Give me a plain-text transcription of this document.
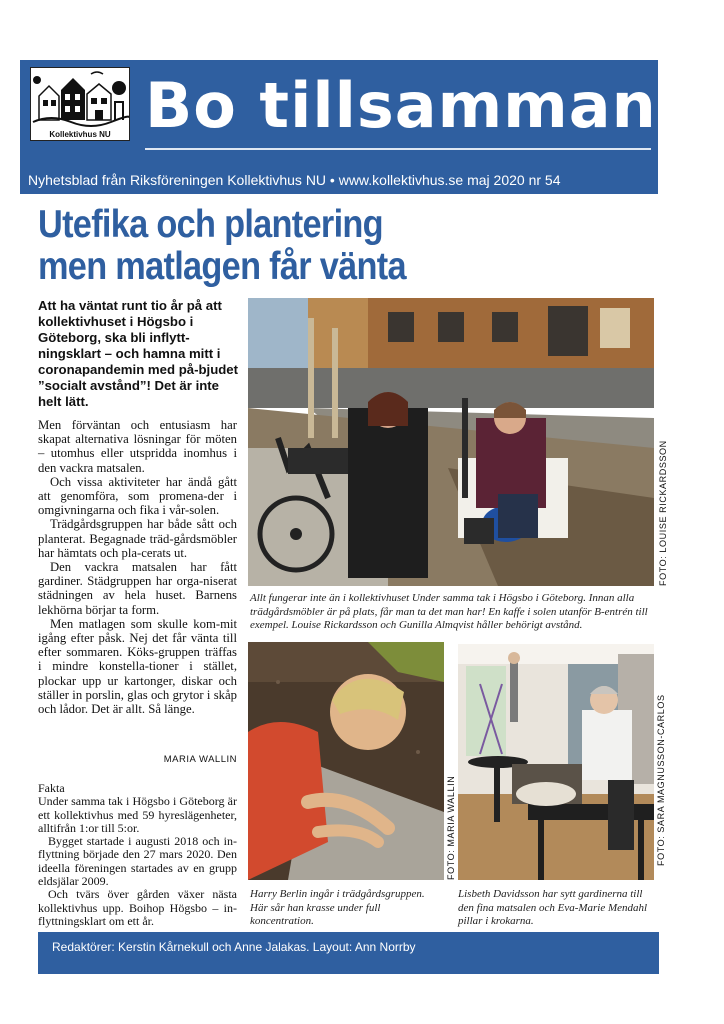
Kollektivhus NU Bo tillsammans
Nyhetsblad från Riksföreningen Kollektivhus NU • www.kollektivhus.se maj 2020 nr 54
Utefika och plantering
men matlagen får vänta
Att ha väntat runt tio år på att kollektivhuset i Högsbo i Göteborg, ska bli inflytt-ningsklart – och hamna mitt i coronapandemin med på-bjudet ”socialt avstånd”! Det är inte helt lätt.

Men förväntan och entusiasm har skapat alternativa lösningar för möten – utomhus eller utspridda inomhus i den vackra matsalen.

Och vissa aktiviteter har ändå gått att genomföra, som promena-der i omgivningarna och fika i vår-solen.

Trädgårdsgruppen har både sått och planterat. Begagnade träd-gårdsmöbler har hämtats och pla-cerats ut.

Den vackra matsalen har fått gardiner. Städgruppen har orga-niserat städningen av hela huset. Barnens lekhörna börjar ta form.

Men matlagen som skulle kom-mit igång efter påsk. Nej det får vänta till efter sommaren. Köks-gruppen träffas i mindre konstella-tioner i stället, plockar upp ur kartonger, diskar och ställer in porslin, glas och grytor i skåp och lådor. Det är allt. Så länge.

MARIA WALLIN

Fakta

Under samma tak i Högsbo i Göteborg är ett kollektivhus med 59 hyreslägenheter, alltifrån 1:or till 5:or.

Bygget startade i augusti 2018 och in-flyttning började den 27 mars 2020. Den ideella föreningen startades av en grupp eldsjälar 2009.

Och tvärs över gården växer nästa kollektivhus upp. Boihop Högsbo – in-flyttningsklart om ett år.

FOTO: LOUISE RICKARDSSON
Allt fungerar inte än i kollektivhuset Under samma tak i Högsbo i Göteborg. Innan alla trädgårdsmöbler är på plats, får man ta det man har! En kaffe i solen utanför B-entrén till exempel. Louise Rickardsson och Gunilla Almqvist håller behörigt avstånd.
FOTO: MARIA WALLIN
Harry Berlin ingår i trädgårdsgruppen. Här sår han krasse under full koncentration.
FOTO: SARA MAGNUSSON-CARLOS
Lisbeth Davidsson har sytt gardinerna till den fina matsalen och Eva-Marie Mendahl pillar i krokarna.
Redaktörer: Kerstin Kårnekull och Anne Jalakas. Layout: Ann Norrby
